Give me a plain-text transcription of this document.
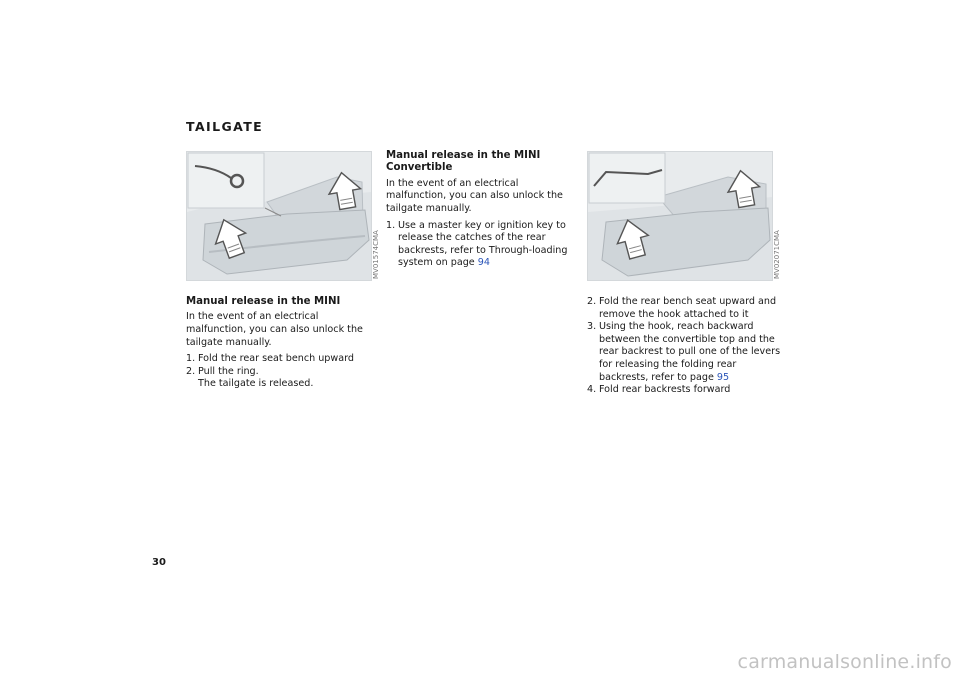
TAILGATE
MV01574CMA	MV02071CMA
Manual release in the MINI
In the event of an electrical malfunction, you can also unlock the tailgate manually.
1. Fold the rear seat bench upward
2. Pull the ring.
The tailgate is released.
Manual release in the MINI
Convertible
In the event of an electrical malfunction, you can also unlock the tailgate manually.
1. Use a master key or ignition key to release the catches of the rear backrests, refer to Through-loading system on page 94
2. Fold the rear bench seat upward and remove the hook attached to it
3. Using the hook, reach backward between the convertible top and the rear backrest to pull one of the levers for releasing the folding rear backrests, refer to page 95
4. Fold rear backrests forward
30
carmanualsonline.info
